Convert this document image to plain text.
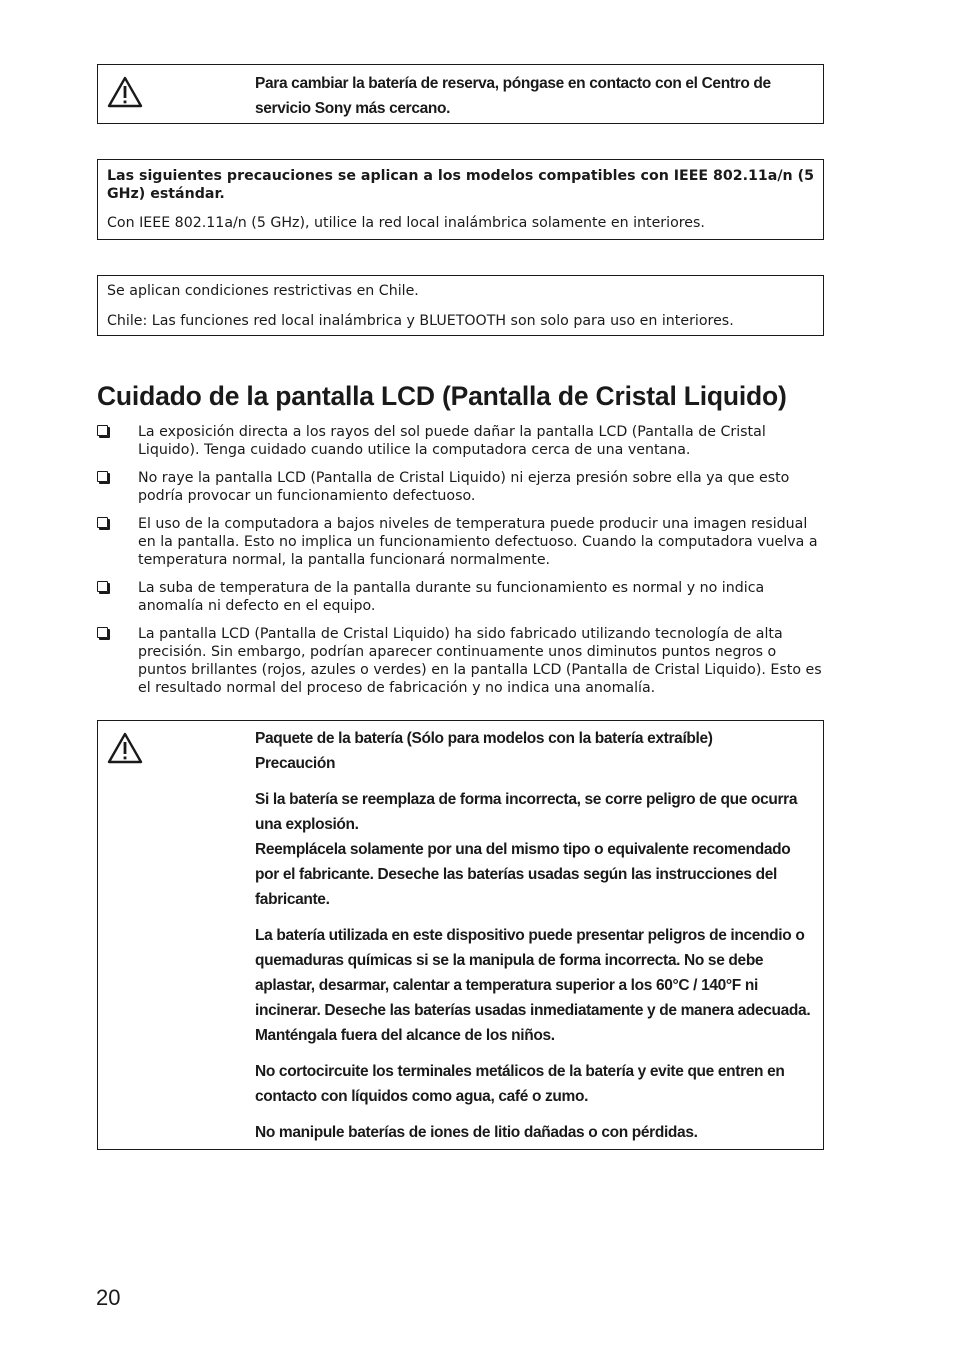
Para cambiar la batería de reserva, póngase en contacto con el Centro de servicio Sony más cercano.

Las siguientes precauciones se aplican a los modelos compatibles con IEEE 802.11a/n (5 GHz) estándar.

Con IEEE 802.11a/n (5 GHz), utilice la red local inalámbrica solamente en interiores.

Se aplican condiciones restrictivas en Chile.

Chile: Las funciones red local inalámbrica y BLUETOOTH son solo para uso en interiores.

Cuidado de la pantalla LCD (Pantalla de Cristal Liquido)
La exposición directa a los rayos del sol puede dañar la pantalla LCD (Pantalla de Cristal Liquido). Tenga cuidado cuando utilice la computadora cerca de una ventana.
No raye la pantalla LCD (Pantalla de Cristal Liquido) ni ejerza presión sobre ella ya que esto podría provocar un funcionamiento defectuoso.
El uso de la computadora a bajos niveles de temperatura puede producir una imagen residual en la pantalla. Esto no implica un funcionamiento defectuoso. Cuando la computadora vuelva a temperatura normal, la pantalla funcionará normalmente.
La suba de temperatura de la pantalla durante su funcionamiento es normal y no indica anomalía ni defecto en el equipo.
La pantalla LCD (Pantalla de Cristal Liquido) ha sido fabricado utilizando tecnología de alta precisión. Sin embargo, podrían aparecer continuamente unos diminutos puntos negros o puntos brillantes (rojos, azules o verdes) en la pantalla LCD (Pantalla de Cristal Liquido). Esto es el resultado normal del proceso de fabricación y no indica una anomalía.

Paquete de la batería (Sólo para modelos con la batería extraíble)

Precaución

Si la batería se reemplaza de forma incorrecta, se corre peligro de que ocurra una explosión.

Reemplácela solamente por una del mismo tipo o equivalente recomendado por el fabricante. Deseche las baterías usadas según las instrucciones del fabricante.

La batería utilizada en este dispositivo puede presentar peligros de incendio o quemaduras químicas si se la manipula de forma incorrecta. No se debe aplastar, desarmar, calentar a temperatura superior a los 60°C / 140°F ni incinerar. Deseche las baterías usadas inmediatamente y de manera adecuada. Manténgala fuera del alcance de los niños.

No cortocircuite los terminales metálicos de la batería y evite que entren en contacto con líquidos como agua, café o zumo.

No manipule baterías de iones de litio dañadas o con pérdidas.

20
